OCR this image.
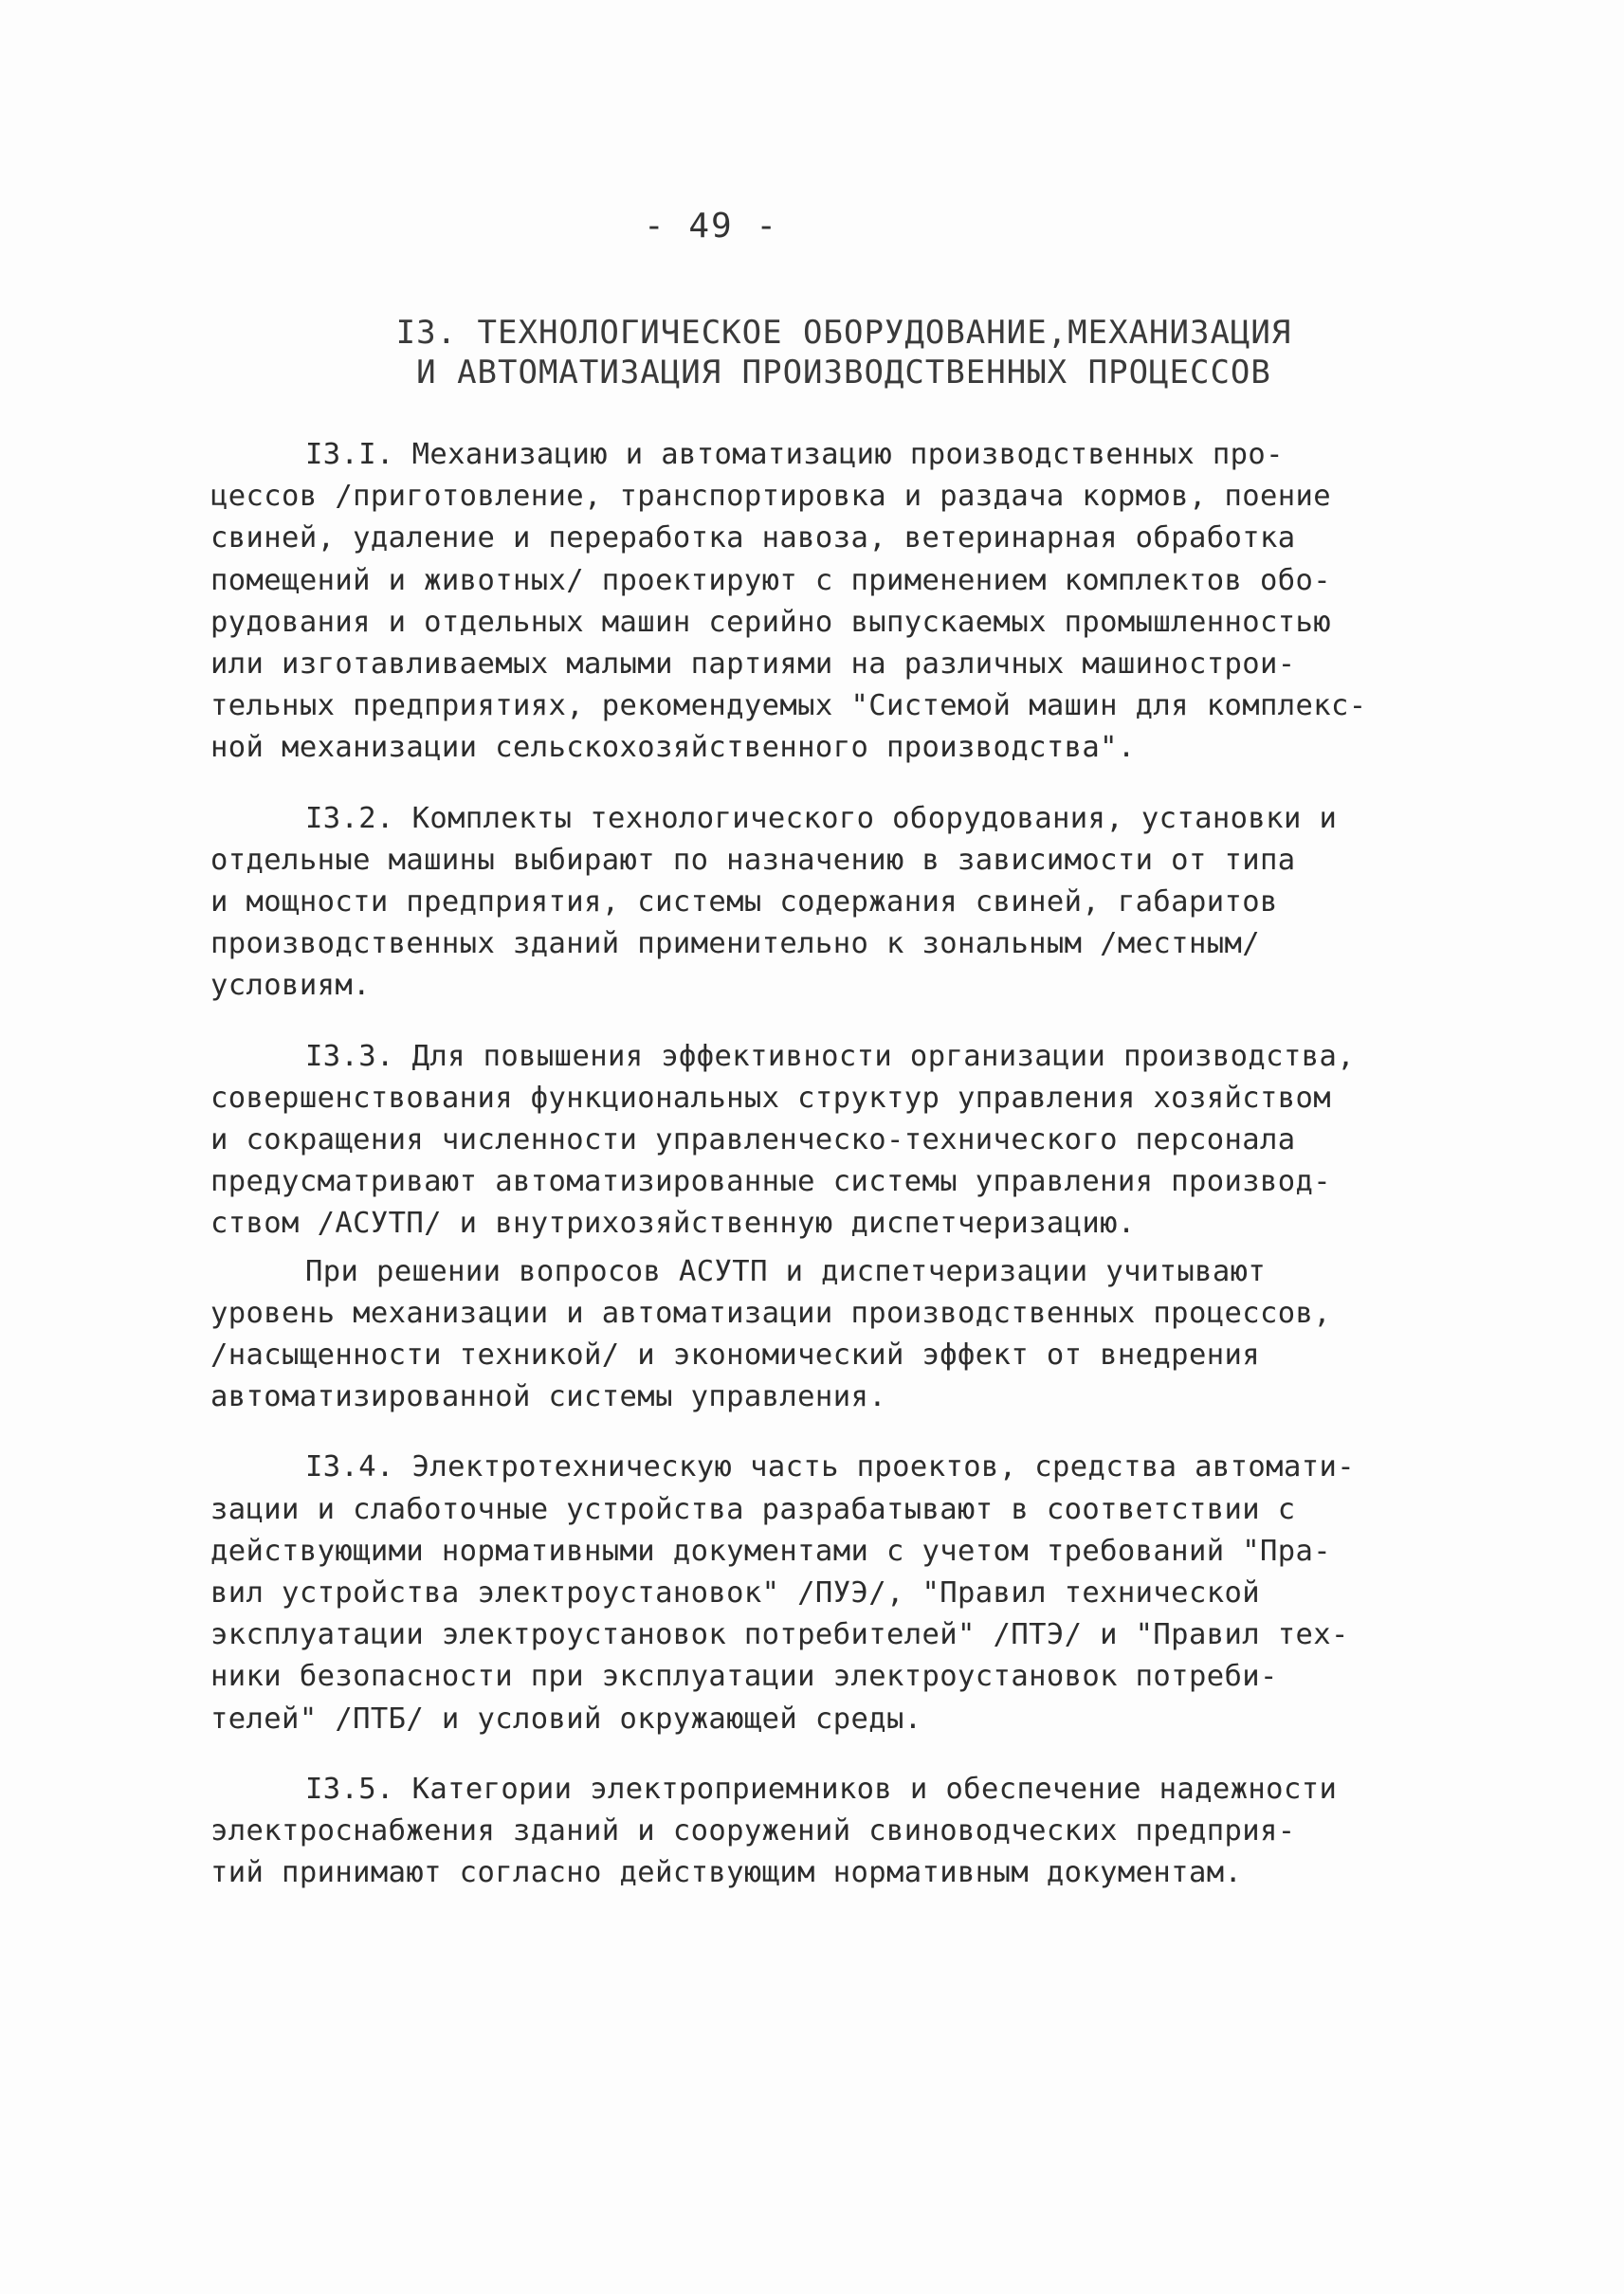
- 49 -
I3. ТЕХНОЛОГИЧЕСКОЕ ОБОРУДОВАНИЕ,МЕХАНИЗАЦИЯ
И АВТОМАТИЗАЦИЯ ПРОИЗВОДСТВЕННЫХ ПРОЦЕССОВ
I3.I. Механизацию и автоматизацию производственных про-
цессов /приготовление, транспортировка и раздача кормов, поение
свиней, удаление и переработка навоза, ветеринарная обработка
помещений и животных/ проектируют с применением комплектов обо-
рудования и отдельных машин серийно выпускаемых промышленностью
или изготавливаемых малыми партиями на различных машинострои-
тельных предприятиях, рекомендуемых "Системой машин для комплекс-
ной механизации сельскохозяйственного производства".
I3.2. Комплекты технологического оборудования, установки и
отдельные машины выбирают по назначению в зависимости от типа
и мощности предприятия, системы содержания свиней, габаритов
производственных зданий применительно к зональным /местным/
условиям.
I3.3. Для повышения эффективности организации производства,
совершенствования функциональных структур управления хозяйством
и сокращения численности управленческо-технического персонала
предусматривают автоматизированные системы управления производ-
ством /АСУТП/ и внутрихозяйственную диспетчеризацию.
При решении вопросов АСУТП и диспетчеризации учитывают
уровень механизации и автоматизации производственных процессов,
/насыщенности техникой/ и экономический эффект от внедрения
автоматизированной системы управления.
I3.4. Электротехническую часть проектов, средства автомати-
зации и слаботочные устройства разрабатывают в соответствии с
действующими нормативными документами с учетом требований "Пра-
вил устройства электроустановок" /ПУЭ/, "Правил технической
эксплуатации электроустановок потребителей" /ПТЭ/ и "Правил тех-
ники безопасности при эксплуатации электроустановок потреби-
телей" /ПТБ/ и условий окружающей среды.
I3.5. Категории электроприемников и обеспечение надежности
электроснабжения зданий и сооружений свиноводческих предприя-
тий принимают согласно действующим нормативным документам.
